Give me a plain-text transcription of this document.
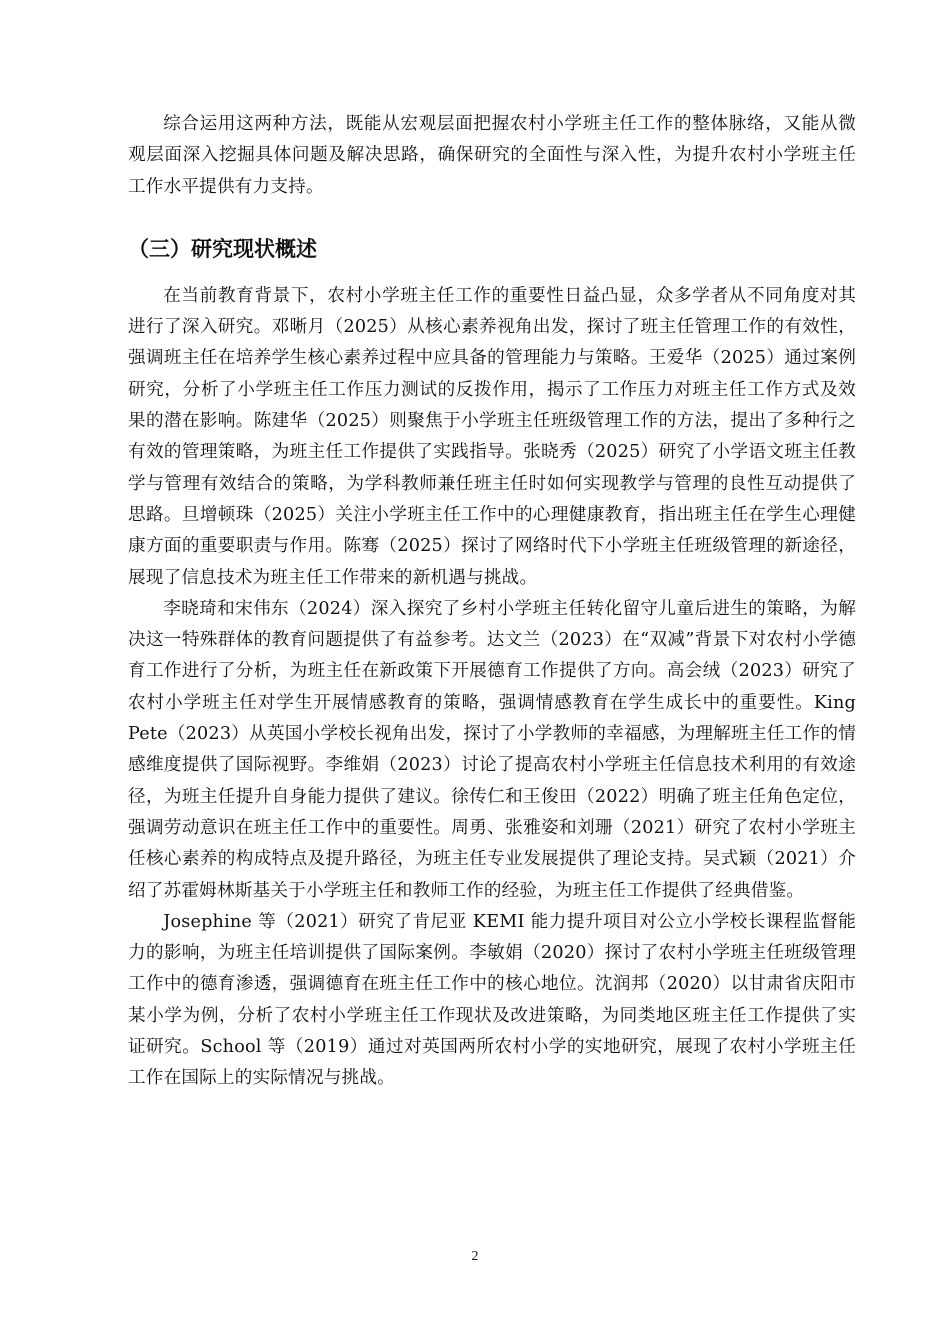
综合运用这两种方法，既能从宏观层面把握农村小学班主任工作的整体脉络，又能从微观层面深入挖掘具体问题及解决思路，确保研究的全面性与深入性，为提升农村小学班主任工作水平提供有力支持。

（三）研究现状概述

在当前教育背景下，农村小学班主任工作的重要性日益凸显，众多学者从不同角度对其进行了深入研究。邓晰月（2025）从核心素养视角出发，探讨了班主任管理工作的有效性，强调班主任在培养学生核心素养过程中应具备的管理能力与策略。王爱华（2025）通过案例研究，分析了小学班主任工作压力测试的反拨作用，揭示了工作压力对班主任工作方式及效果的潜在影响。陈建华（2025）则聚焦于小学班主任班级管理工作的方法，提出了多种行之有效的管理策略，为班主任工作提供了实践指导。张晓秀（2025）研究了小学语文班主任教学与管理有效结合的策略，为学科教师兼任班主任时如何实现教学与管理的良性互动提供了思路。旦增顿珠（2025）关注小学班主任工作中的心理健康教育，指出班主任在学生心理健康方面的重要职责与作用。陈骞（2025）探讨了网络时代下小学班主任班级管理的新途径，展现了信息技术为班主任工作带来的新机遇与挑战。

李晓琦和宋伟东（2024）深入探究了乡村小学班主任转化留守儿童后进生的策略，为解决这一特殊群体的教育问题提供了有益参考。达文兰（2023）在“双减”背景下对农村小学德育工作进行了分析，为班主任在新政策下开展德育工作提供了方向。高会绒（2023）研究了农村小学班主任对学生开展情感教育的策略，强调情感教育在学生成长中的重要性。King Pete（2023）从英国小学校长视角出发，探讨了小学教师的幸福感，为理解班主任工作的情感维度提供了国际视野。李维娟（2023）讨论了提高农村小学班主任信息技术利用的有效途径，为班主任提升自身能力提供了建议。徐传仁和王俊田（2022）明确了班主任角色定位，强调劳动意识在班主任工作中的重要性。周勇、张雅姿和刘珊（2021）研究了农村小学班主任核心素养的构成特点及提升路径，为班主任专业发展提供了理论支持。吴式颖（2021）介绍了苏霍姆林斯基关于小学班主任和教师工作的经验，为班主任工作提供了经典借鉴。

Josephine 等（2021）研究了肯尼亚 KEMI 能力提升项目对公立小学校长课程监督能力的影响，为班主任培训提供了国际案例。李敏娟（2020）探讨了农村小学班主任班级管理工作中的德育渗透，强调德育在班主任工作中的核心地位。沈润邦（2020）以甘肃省庆阳市某小学为例，分析了农村小学班主任工作现状及改进策略，为同类地区班主任工作提供了实证研究。School 等（2019）通过对英国两所农村小学的实地研究，展现了农村小学班主任工作在国际上的实际情况与挑战。

2
